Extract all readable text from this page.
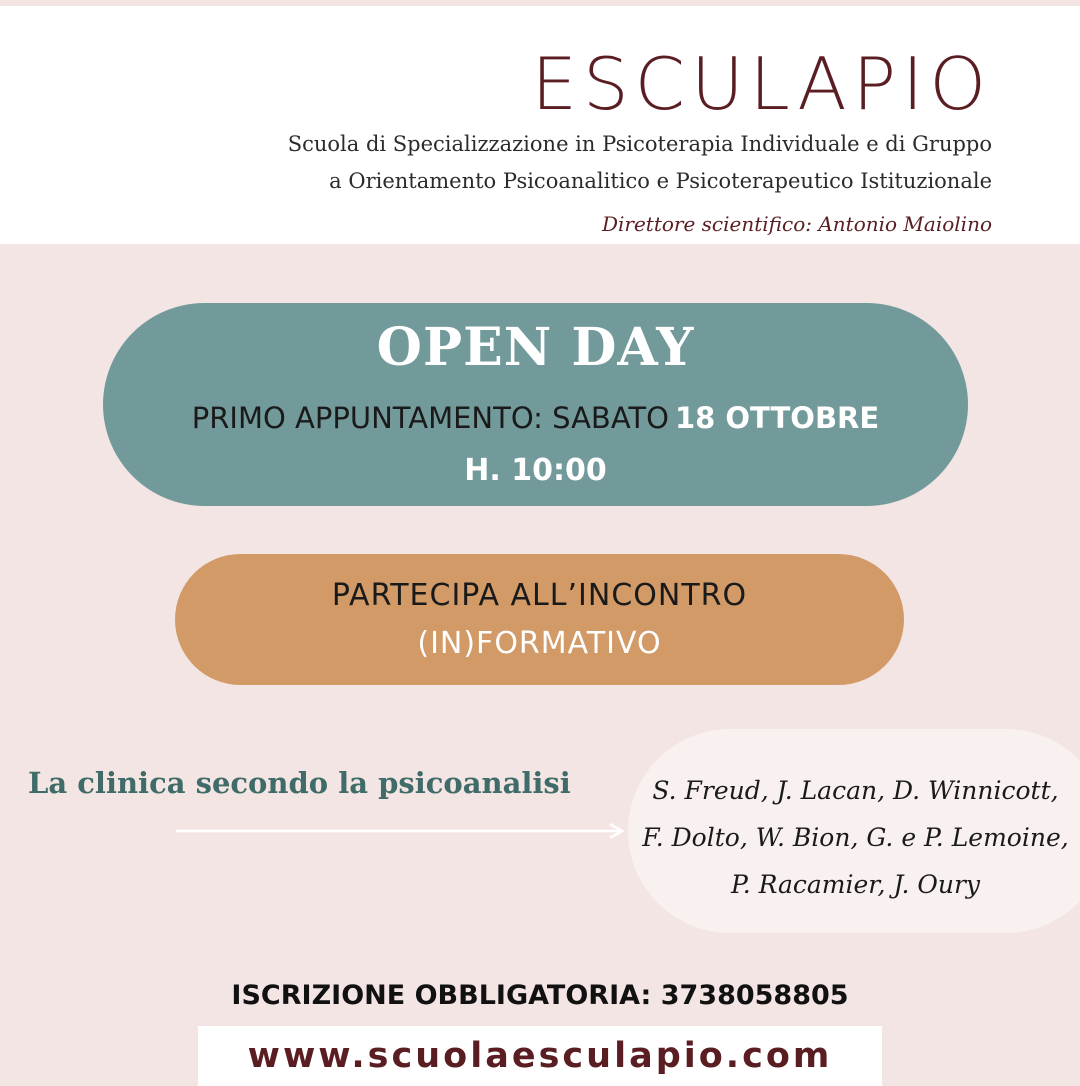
ESCULAPIO
Scuola di Specializzazione in Psicoterapia Individuale e di Gruppo
a Orientamento Psicoanalitico e Psicoterapeutico Istituzionale
Direttore scientifico: Antonio Maiolino
OPEN DAY
PRIMO APPUNTAMENTO: SABATO 18 OTTOBRE
H. 10:00
PARTECIPA ALL’INCONTRO
(IN)FORMATIVO
La clinica secondo la psicoanalisi	S. Freud, J. Lacan, D. Winnicott,
F. Dolto, W. Bion, G. e P. Lemoine,
P. Racamier, J. Oury
ISCRIZIONE OBBLIGATORIA: 3738058805
www.scuolaesculapio.com
